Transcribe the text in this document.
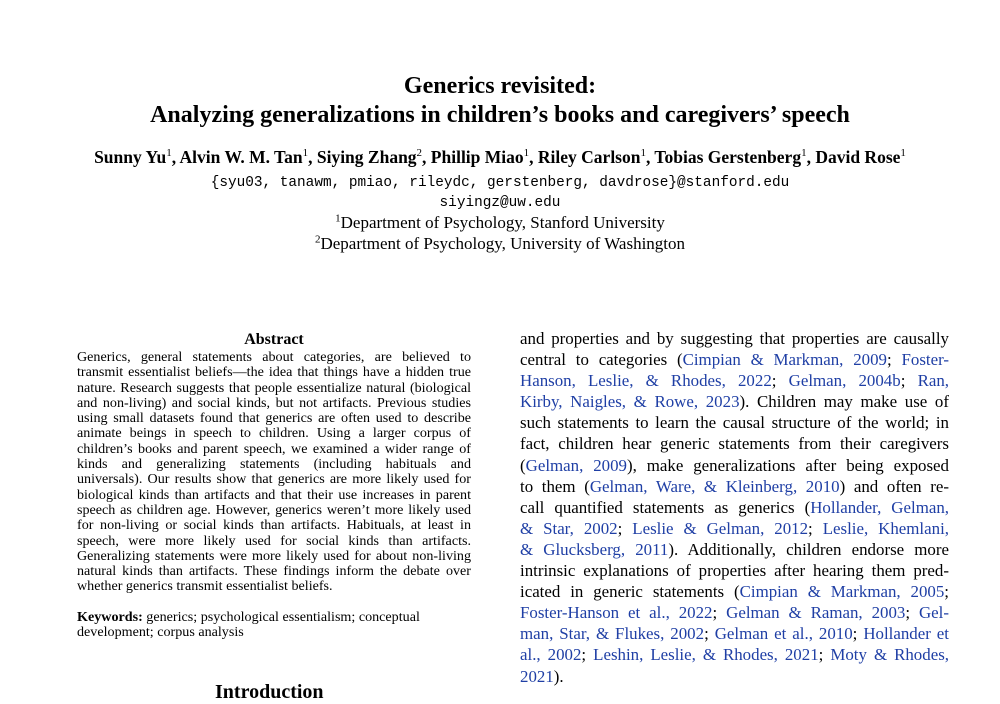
Generics revisited:
Analyzing generalizations in children’s books and caregivers’ speech
Sunny Yu$^1$, Alvin W. M. Tan$^1$, Siying Zhang$^2$, Phillip Miao$^1$, Riley Carlson$^1$, Tobias Gerstenberg$^1$, David Rose$^1$
{syu03, tanawm, pmiao, rileydc, gerstenberg, davdrose}@stanford.edu
siyingz@uw.edu
$^1$Department of Psychology, Stanford University
$^2$Department of Psychology, University of Washington
Abstract
Generics, general statements about categories, are believed to transmit essentialist beliefs—the idea that things have a hidden true nature. Research suggests that people essentialize natural (biological and non-living) and social kinds, but not artifacts. Previous studies using small datasets found that generics are often used to describe animate beings in speech to children. Using a larger corpus of children’s books and parent speech, we examined a wider range of kinds and generalizing statements (including habituals and universals). Our results show that generics are more likely used for biological kinds than artifacts and that their use increases in parent speech as children age. However, generics weren’t more likely used for non-living or social kinds than artifacts. Habituals, at least in speech, were more likely used for social kinds than artifacts. Generalizing statements were more likely used for about non-living natural kinds than artifacts. These findings inform the debate over whether generics transmit essentialist beliefs.
Keywords: generics; psychological essentialism; conceptual development; corpus analysis
Introduction
and properties and by suggesting that properties are causally
central to categories (Cimpian & Markman, 2009; Foster-
Hanson, Leslie, & Rhodes, 2022; Gelman, 2004b; Ran,
Kirby, Naigles, & Rowe, 2023). Children may make use of
such statements to learn the causal structure of the world; in
fact, children hear generic statements from their caregivers
(Gelman, 2009), make generalizations after being exposed
to them (Gelman, Ware, & Kleinberg, 2010) and often re-
call quantified statements as generics (Hollander, Gelman,
& Star, 2002; Leslie & Gelman, 2012; Leslie, Khemlani,
& Glucksberg, 2011). Additionally, children endorse more
intrinsic explanations of properties after hearing them pred-
icated in generic statements (Cimpian & Markman, 2005;
Foster-Hanson et al., 2022; Gelman & Raman, 2003; Gel-
man, Star, & Flukes, 2002; Gelman et al., 2010; Hollander et
al., 2002; Leshin, Leslie, & Rhodes, 2021; Moty & Rhodes,
2021).
